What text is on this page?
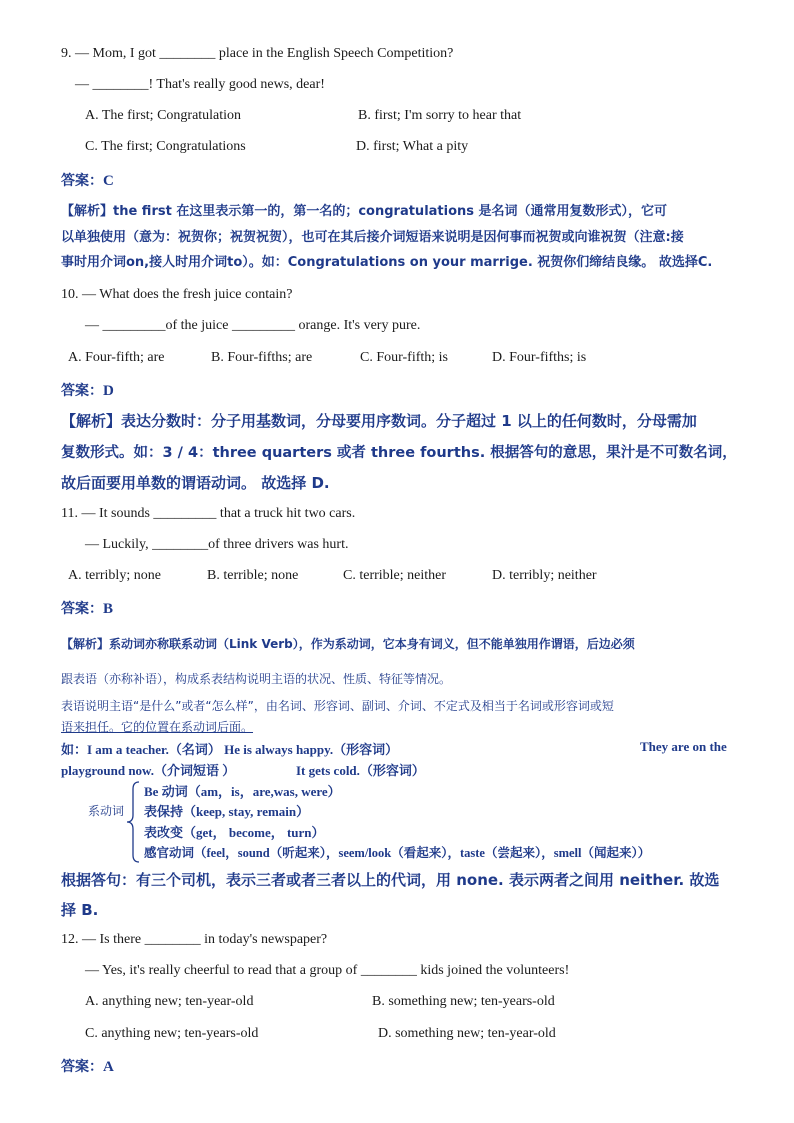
9. — Mom, I got ________ place in the English Speech Competition?
— ________! That's really good news, dear!
A. The first; Congratulation	B. first; I'm sorry to hear that
C. The first; Congratulations	D. first; What a pity
答案：C
【解析】the first 在这里表示第一的，第一名的；congratulations 是名词（通常用复数形式），它可
以单独使用（意为：祝贺你；祝贺祝贺），也可在其后接介词短语来说明是因何事而祝贺或向谁祝贺（注意:接
事时用介词on,接人时用介词to）。如：Congratulations on your marrige. 祝贺你们缔结良缘。 故选择C.
10. — What does the fresh juice contain?
— _________of the juice _________ orange. It's very pure.
A. Four-fifth; are	B. Four-fifths; are	C. Four-fifth; is	D. Four-fifths; is
答案：D
【解析】表达分数时：分子用基数词，分母要用序数词。分子超过 1 以上的任何数时，分母需加
复数形式。如：3 / 4：three quarters 或者 three fourths. 根据答句的意思，果汁是不可数名词，
故后面要用单数的谓语动词。 故选择 D.
11. — It sounds _________ that a truck hit two cars.
— Luckily, ________of three drivers was hurt.
A. terribly; none	B. terrible; none	C. terrible; neither	D. terribly; neither
答案：B
【解析】系动词亦称联系动词（Link Verb），作为系动词，它本身有词义，但不能单独用作谓语，后边必须
跟表语（亦称补语），构成系表结构说明主语的状况、性质、特征等情况。
表语说明主语“是什么”或者“怎么样”，由名词、形容词、副词、介词、不定式及相当于名词或形容词或短
语来担任。它的位置在系动词后面。
如：I am a teacher.（名词） He is always happy.（形容词）	They are on the
playground now.（介词短语 ）	It gets cold.（形容词）
系动词
Be 动词（am，is，are,was, were）
表保持（keep, stay, remain）
表改变（get， become， turn）
感官动词（feel，sound（听起来），seem/look（看起来），taste（尝起来），smell（闻起来））
根据答句：有三个司机，表示三者或者三者以上的代词，用 none. 表示两者之间用 neither. 故选
择 B.
12. — Is there ________ in today's newspaper?
— Yes, it's really cheerful to read that a group of ________ kids joined the volunteers!
A. anything new; ten-year-old	B. something new; ten-years-old
C. anything new; ten-years-old	D. something new; ten-year-old
答案：A
